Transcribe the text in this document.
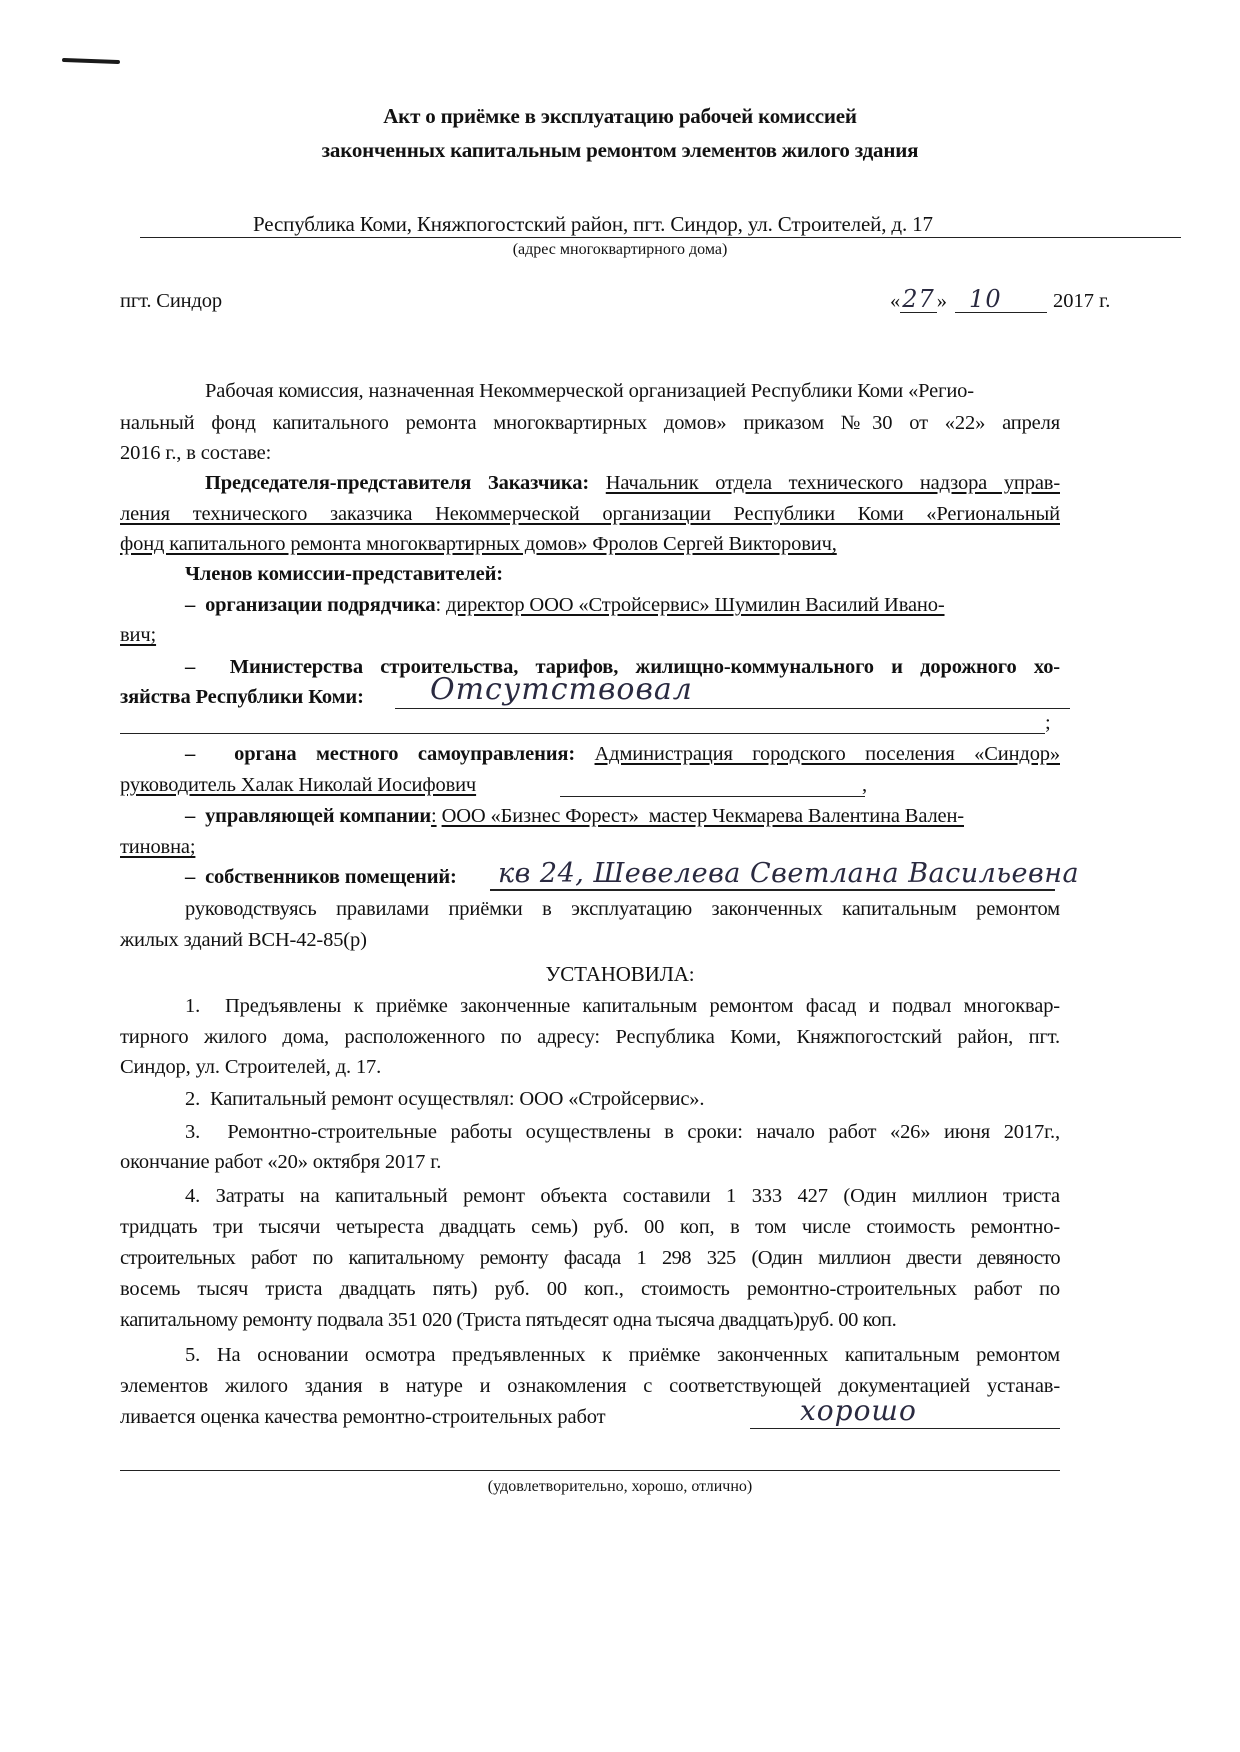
Акт о приёмке в эксплуатацию рабочей комиссией
законченных капитальным ремонтом элементов жилого здания
Республика Коми, Княжпогостский район, пгт. Синдор, ул. Строителей, д. 17
(адрес многоквартирного дома)
пгт. Синдор	« 27 » 10	2017 г.
Рабочая комиссия, назначенная Некоммерческой организацией Республики Коми «Регио-
нальный фонд капитального ремонта многоквартирных домов» приказом №30 от «22» апреля
2016 г., в составе:
Председателя-представителя Заказчика: Начальник отдела технического надзора управ-
ления технического заказчика Некоммерческой организации Республики Коми «Региональный
фонд капитального ремонта многоквартирных домов» Фролов Сергей Викторович,
Членов комиссии-представителей:
– организации подрядчика: директор ООО «Стройсервис» Шумилин Василий Ивано-
вич;
– Министерства строительства, тарифов, жилищно-коммунального и дорожного хо-
зяйства Республики Коми: Отсутствовал
;
– органа местного самоуправления: Администрация городского поселения «Синдор»
руководитель Халак Николай Иосифович	,
– управляющей компании: ООО «Бизнес Форест»  мастер Чекмарева Валентина Вален-
тиновна;
– собственников помещений: кв 24, Шевелева Светлана Васильевна
руководствуясь правилами приёмки в эксплуатацию законченных капитальным ремонтом
жилых зданий ВСН-42-85(р)
УСТАНОВИЛА:
1. Предъявлены к приёмке законченные капитальным ремонтом фасад и подвал многоквар-
тирного жилого дома, расположенного по адресу: Республика Коми, Княжпогостский район, пгт.
Синдор, ул. Строителей, д. 17.
2. Капитальный ремонт осуществлял: ООО «Стройсервис».
3. Ремонтно-строительные работы осуществлены в сроки: начало работ «26» июня 2017г.,
окончание работ «20» октября 2017 г.
4. Затраты на капитальный ремонт объекта составили 1 333 427 (Один миллион триста
тридцать три тысячи четыреста двадцать семь) руб. 00 коп, в том числе стоимость ремонтно-
строительных работ по капитальному ремонту фасада 1 298 325 (Один миллион двести девяносто
восемь тысяч триста двадцать пять) руб. 00 коп., стоимость ремонтно-строительных работ по
капитальному ремонту подвала 351 020 (Триста пятьдесят одна тысяча двадцать)руб. 00 коп.
5. На основании осмотра предъявленных к приёмке законченных капитальным ремонтом
элементов жилого здания в натуре и ознакомления с соответствующей документацией устанав-
ливается оценка качества ремонтно-строительных работ	хорошо
(удовлетворительно, хорошо, отлично)
